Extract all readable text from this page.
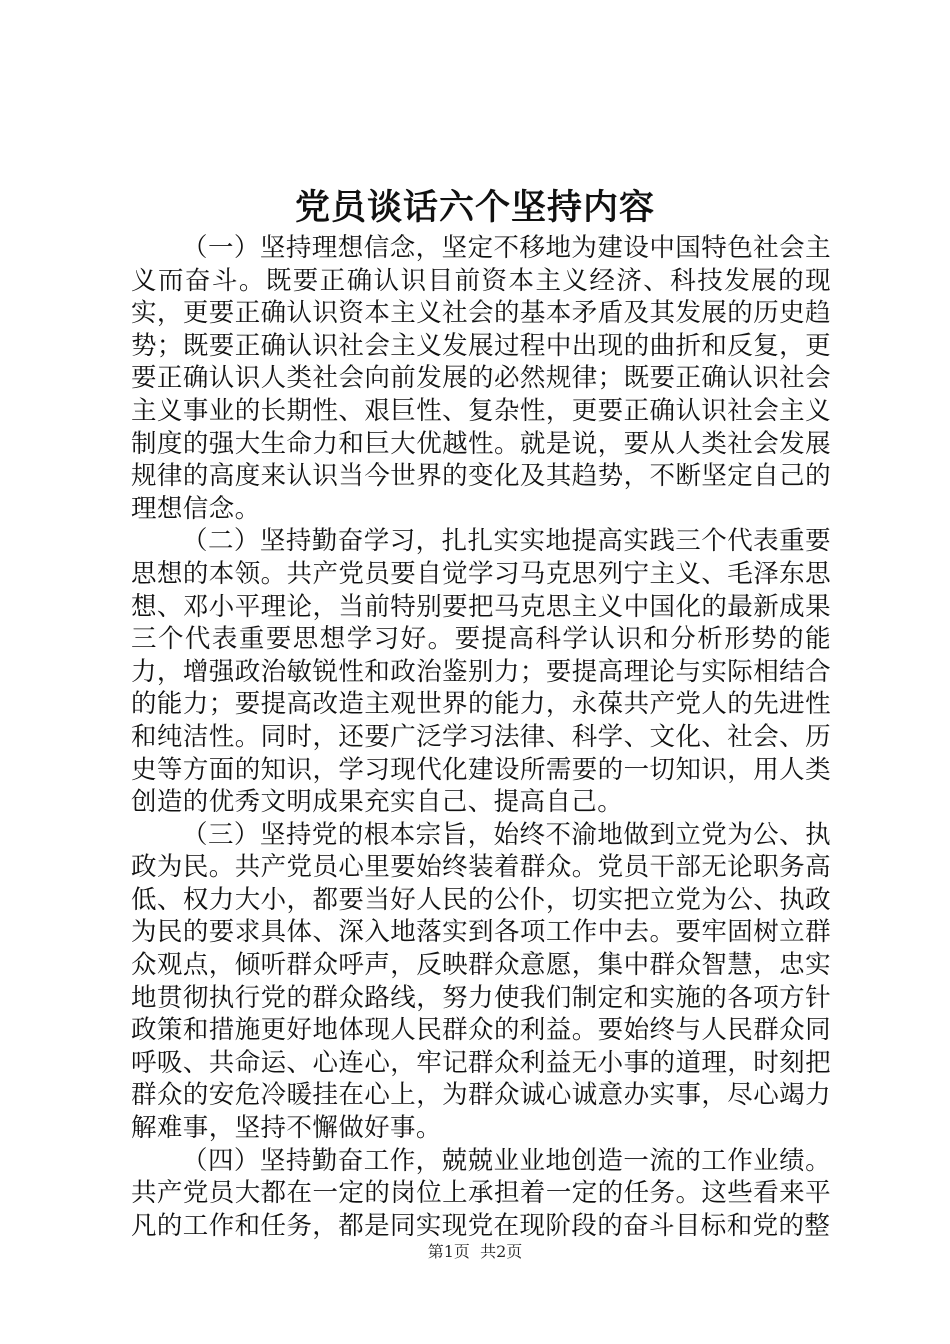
党员谈话六个坚持内容

（一）坚持理想信念，坚定不移地为建设中国特色社会主义而奋斗。既要正确认识目前资本主义经济、科技发展的现实，更要正确认识资本主义社会的基本矛盾及其发展的历史趋势；既要正确认识社会主义发展过程中出现的曲折和反复，更要正确认识人类社会向前发展的必然规律；既要正确认识社会主义事业的长期性、艰巨性、复杂性，更要正确认识社会主义制度的强大生命力和巨大优越性。就是说，要从人类社会发展规律的高度来认识当今世界的变化及其趋势，不断坚定自己的理想信念。

（二）坚持勤奋学习，扎扎实实地提高实践三个代表重要思想的本领。共产党员要自觉学习马克思列宁主义、毛泽东思想、邓小平理论，当前特别要把马克思主义中国化的最新成果三个代表重要思想学习好。要提高科学认识和分析形势的能力，增强政治敏锐性和政治鉴别力；要提高理论与实际相结合的能力；要提高改造主观世界的能力，永葆共产党人的先进性和纯洁性。同时，还要广泛学习法律、科学、文化、社会、历史等方面的知识，学习现代化建设所需要的一切知识，用人类创造的优秀文明成果充实自己、提高自己。

（三）坚持党的根本宗旨，始终不渝地做到立党为公、执政为民。共产党员心里要始终装着群众。党员干部无论职务高低、权力大小，都要当好人民的公仆，切实把立党为公、执政为民的要求具体、深入地落实到各项工作中去。要牢固树立群众观点，倾听群众呼声，反映群众意愿，集中群众智慧，忠实地贯彻执行党的群众路线，努力使我们制定和实施的各项方针政策和措施更好地体现人民群众的利益。要始终与人民群众同呼吸、共命运、心连心，牢记群众利益无小事的道理，时刻把群众的安危冷暖挂在心上，为群众诚心诚意办实事，尽心竭力解难事，坚持不懈做好事。

（四）坚持勤奋工作，兢兢业业地创造一流的工作业绩。共产党员大都在一定的岗位上承担着一定的任务。这些看来平凡的工作和任务，都是同实现党在现阶段的奋斗目标和党的整

第1页  共2页
